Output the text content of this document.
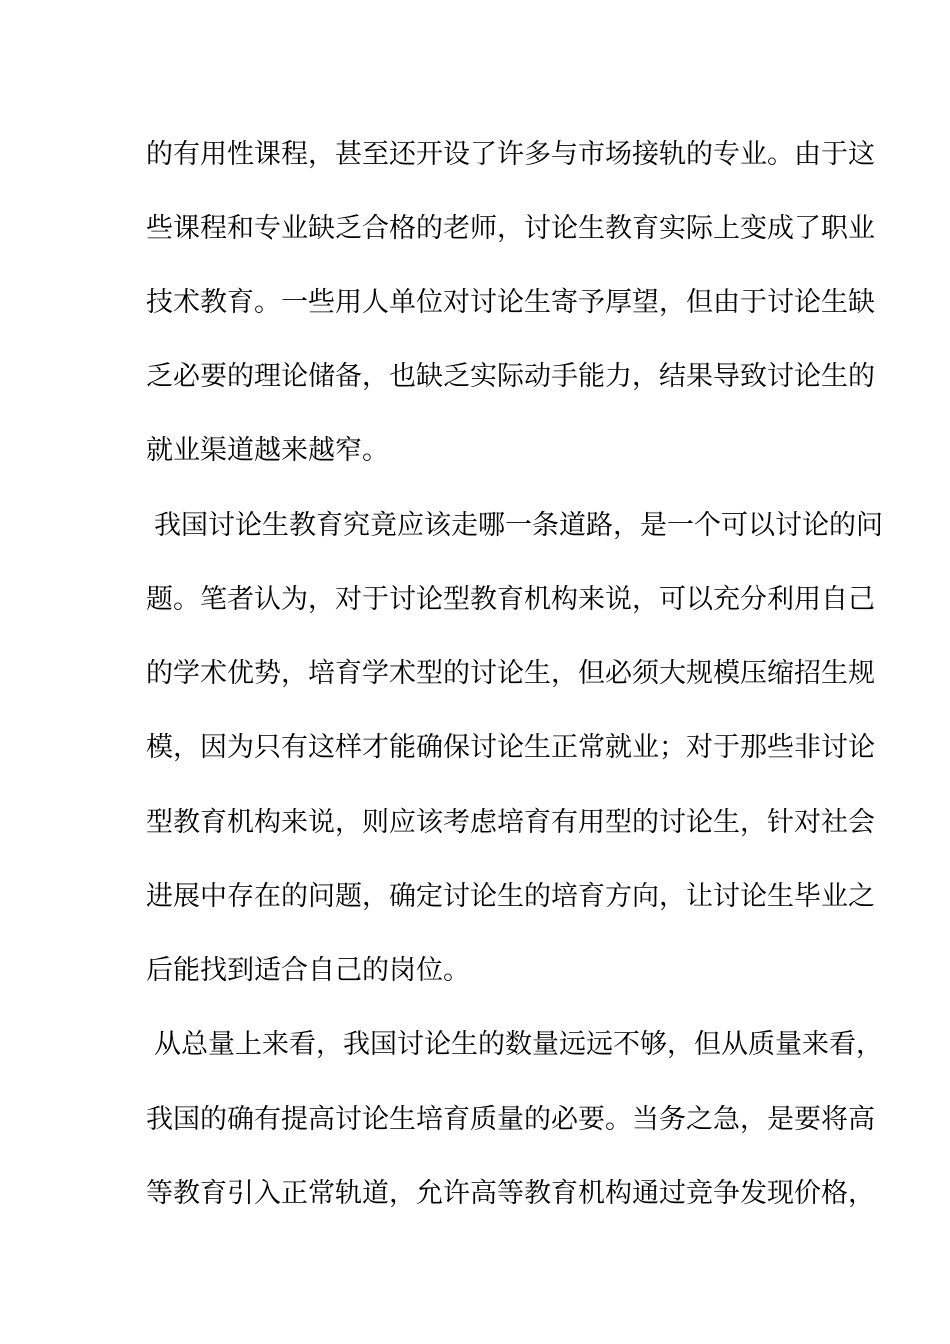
的有用性课程，甚至还开设了许多与市场接轨的专业。由于这
些课程和专业缺乏合格的老师，讨论生教育实际上变成了职业
技术教育。一些用人单位对讨论生寄予厚望，但由于讨论生缺
乏必要的理论储备，也缺乏实际动手能力，结果导致讨论生的
就业渠道越来越窄。
我国讨论生教育究竟应该走哪一条道路，是一个可以讨论的问
题。笔者认为，对于讨论型教育机构来说，可以充分利用自己
的学术优势，培育学术型的讨论生，但必须大规模压缩招生规
模，因为只有这样才能确保讨论生正常就业；对于那些非讨论
型教育机构来说，则应该考虑培育有用型的讨论生，针对社会
进展中存在的问题，确定讨论生的培育方向，让讨论生毕业之
后能找到适合自己的岗位。
从总量上来看，我国讨论生的数量远远不够，但从质量来看，
我国的确有提高讨论生培育质量的必要。当务之急，是要将高
等教育引入正常轨道，允许高等教育机构通过竞争发现价格，
